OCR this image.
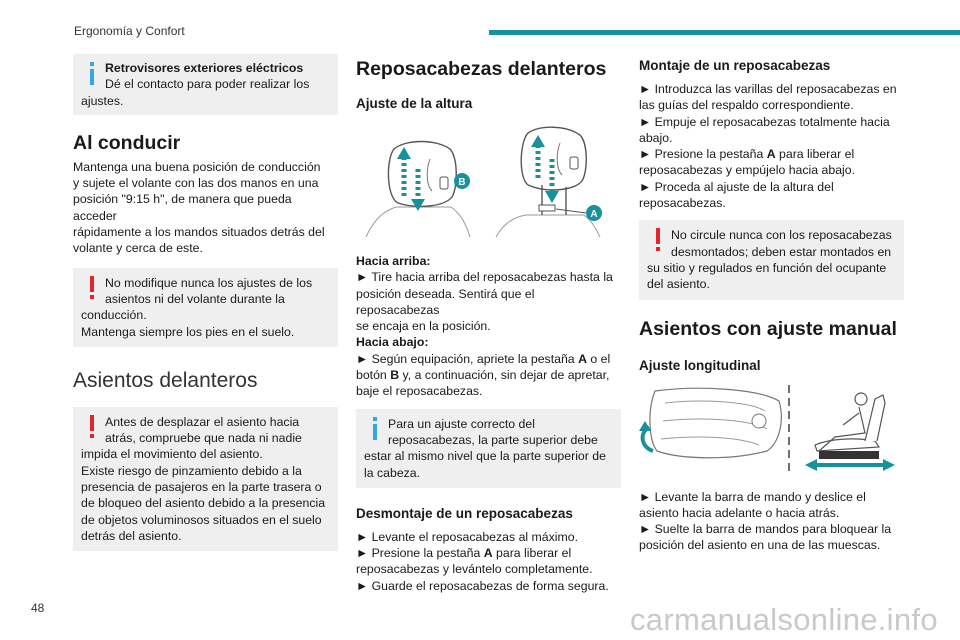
Ergonomía y Confort
Retrovisores exteriores eléctricos
Dé el contacto para poder realizar los
ajustes.
Al conducir

Mantenga una buena posición de conducción

y sujete el volante con las dos manos en una

posición "9:15 h", de manera que pueda acceder

rápidamente a los mandos situados detrás del

volante y cerca de este.

No modifique nunca los ajustes de los
asientos ni del volante durante la
conducción.
Mantenga siempre los pies en el suelo.
Asientos delanteros
Antes de desplazar el asiento hacia
atrás, compruebe que nada ni nadie
impida el movimiento del asiento.
Existe riesgo de pinzamiento debido a la
presencia de pasajeros en la parte trasera o
de bloqueo del asiento debido a la presencia
de objetos voluminosos situados en el suelo
detrás del asiento.
Reposacabezas delanteros
Ajuste de la altura
B
A

Hacia arriba:

► Tire hacia arriba del reposacabezas hasta la

posición deseada. Sentirá que el reposacabezas

se encaja en la posición.

Hacia abajo:

► Según equipación, apriete la pestaña A o el

botón B y, a continuación, sin dejar de apretar,

baje el reposacabezas.

Para un ajuste correcto del
reposacabezas, la parte superior debe
estar al mismo nivel que la parte superior de
la cabeza.
Desmontaje de un reposacabezas

► Levante el reposacabezas al máximo.

► Presione la pestaña A para liberar el

reposacabezas y levántelo completamente.

► Guarde el reposacabezas de forma segura.

Montaje de un reposacabezas

► Introduzca las varillas del reposacabezas en

las guías del respaldo correspondiente.

► Empuje el reposacabezas totalmente hacia

abajo.

► Presione la pestaña A para liberar el

reposacabezas y empújelo hacia abajo.

► Proceda al ajuste de la altura del

reposacabezas.

No circule nunca con los reposacabezas
desmontados; deben estar montados en
su sitio y regulados en función del ocupante
del asiento.
Asientos con ajuste manual
Ajuste longitudinal

► Levante la barra de mando y deslice el

asiento hacia adelante o hacia atrás.

► Suelte la barra de mandos para bloquear la

posición del asiento en una de las muescas.

48	carmanualsonline.info
